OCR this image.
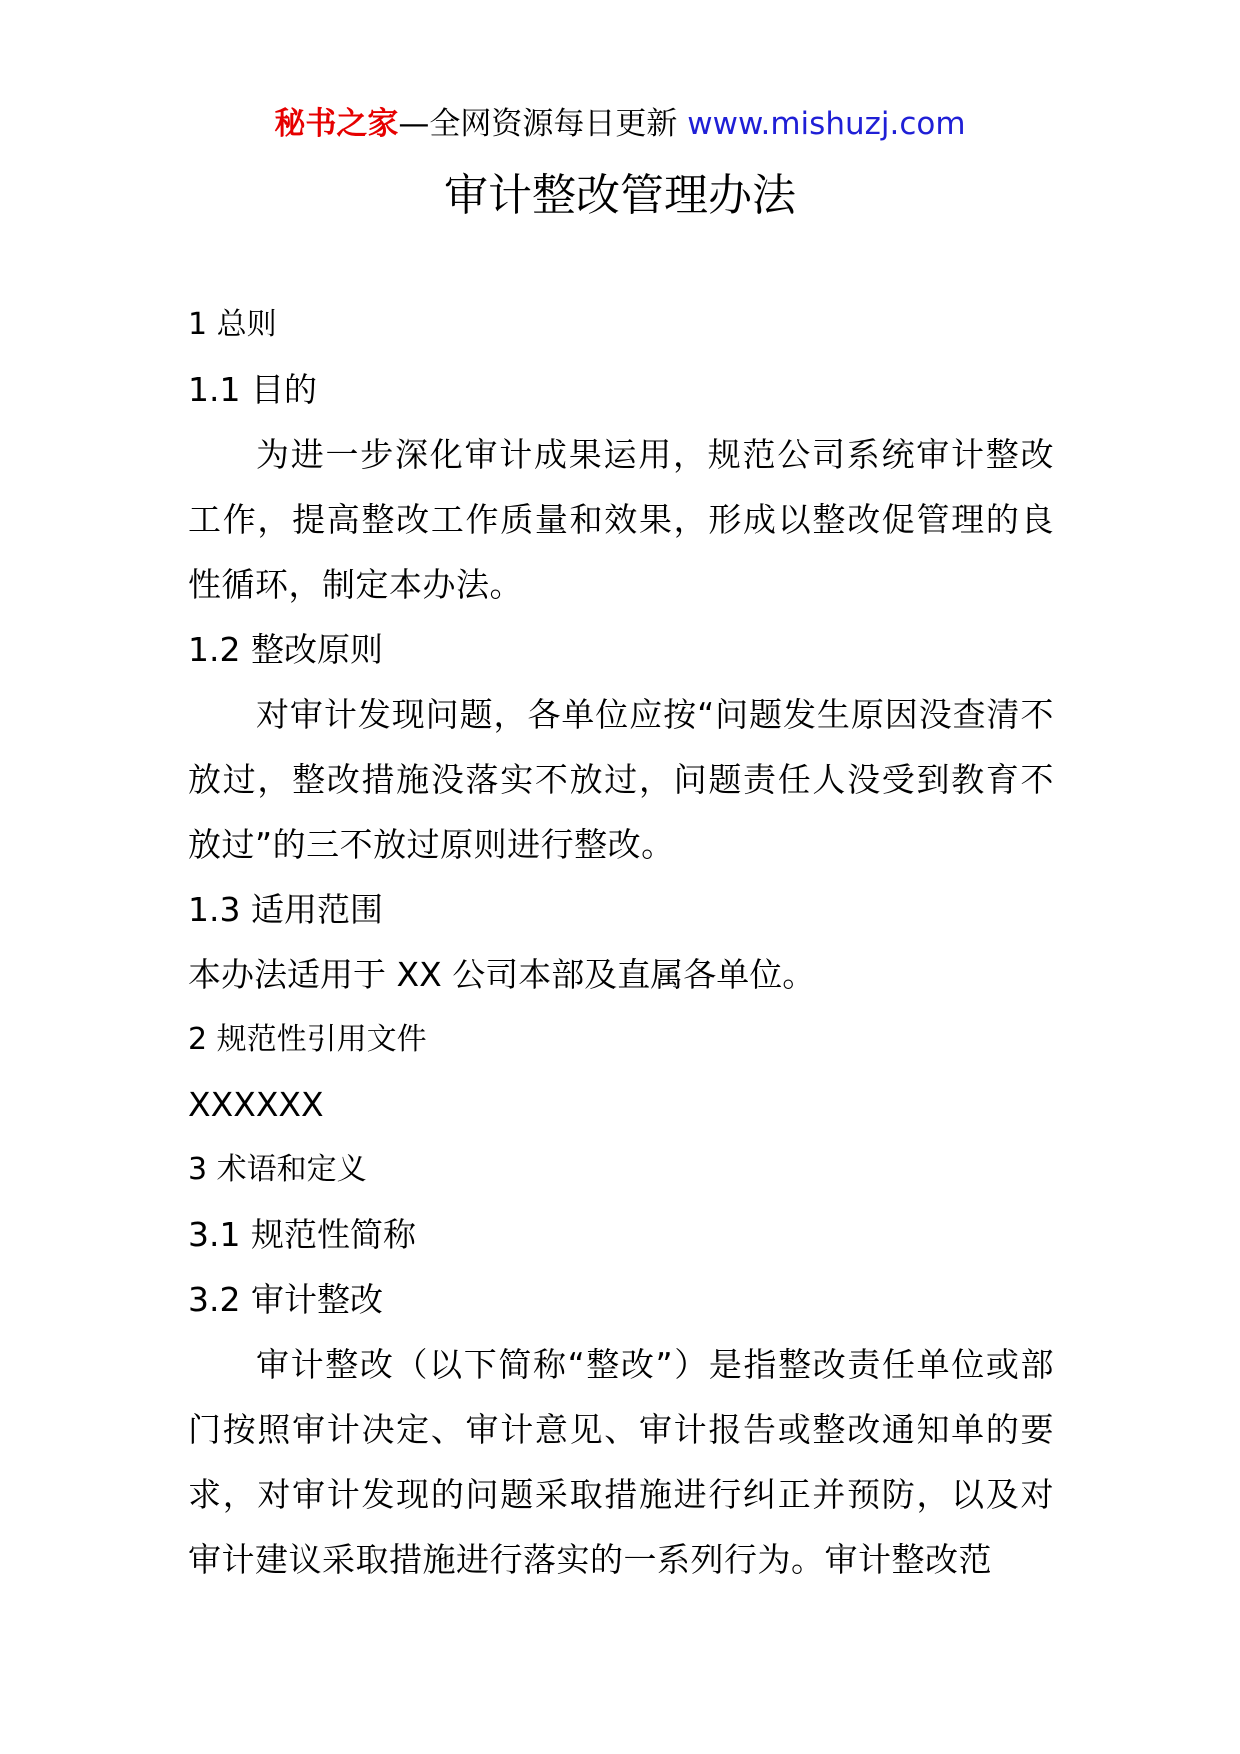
秘书之家—全网资源每日更新 www.mishuzj.com
审计整改管理办法

1 总则

1.1 目的

为进一步深化审计成果运用，规范公司系统审计整改工作，提高整改工作质量和效果，形成以整改促管理的良性循环，制定本办法。

1.2 整改原则

对审计发现问题，各单位应按“问题发生原因没查清不放过，整改措施没落实不放过，问题责任人没受到教育不放过”的三不放过原则进行整改。

1.3 适用范围

本办法适用于 XX 公司本部及直属各单位。

2 规范性引用文件

XXXXXX

3 术语和定义

3.1 规范性简称

3.2 审计整改

审计整改（以下简称“整改”）是指整改责任单位或部门按照审计决定、审计意见、审计报告或整改通知单的要求，对审计发现的问题采取措施进行纠正并预防，以及对审计建议采取措施进行落实的一系列行为。审计整改范
